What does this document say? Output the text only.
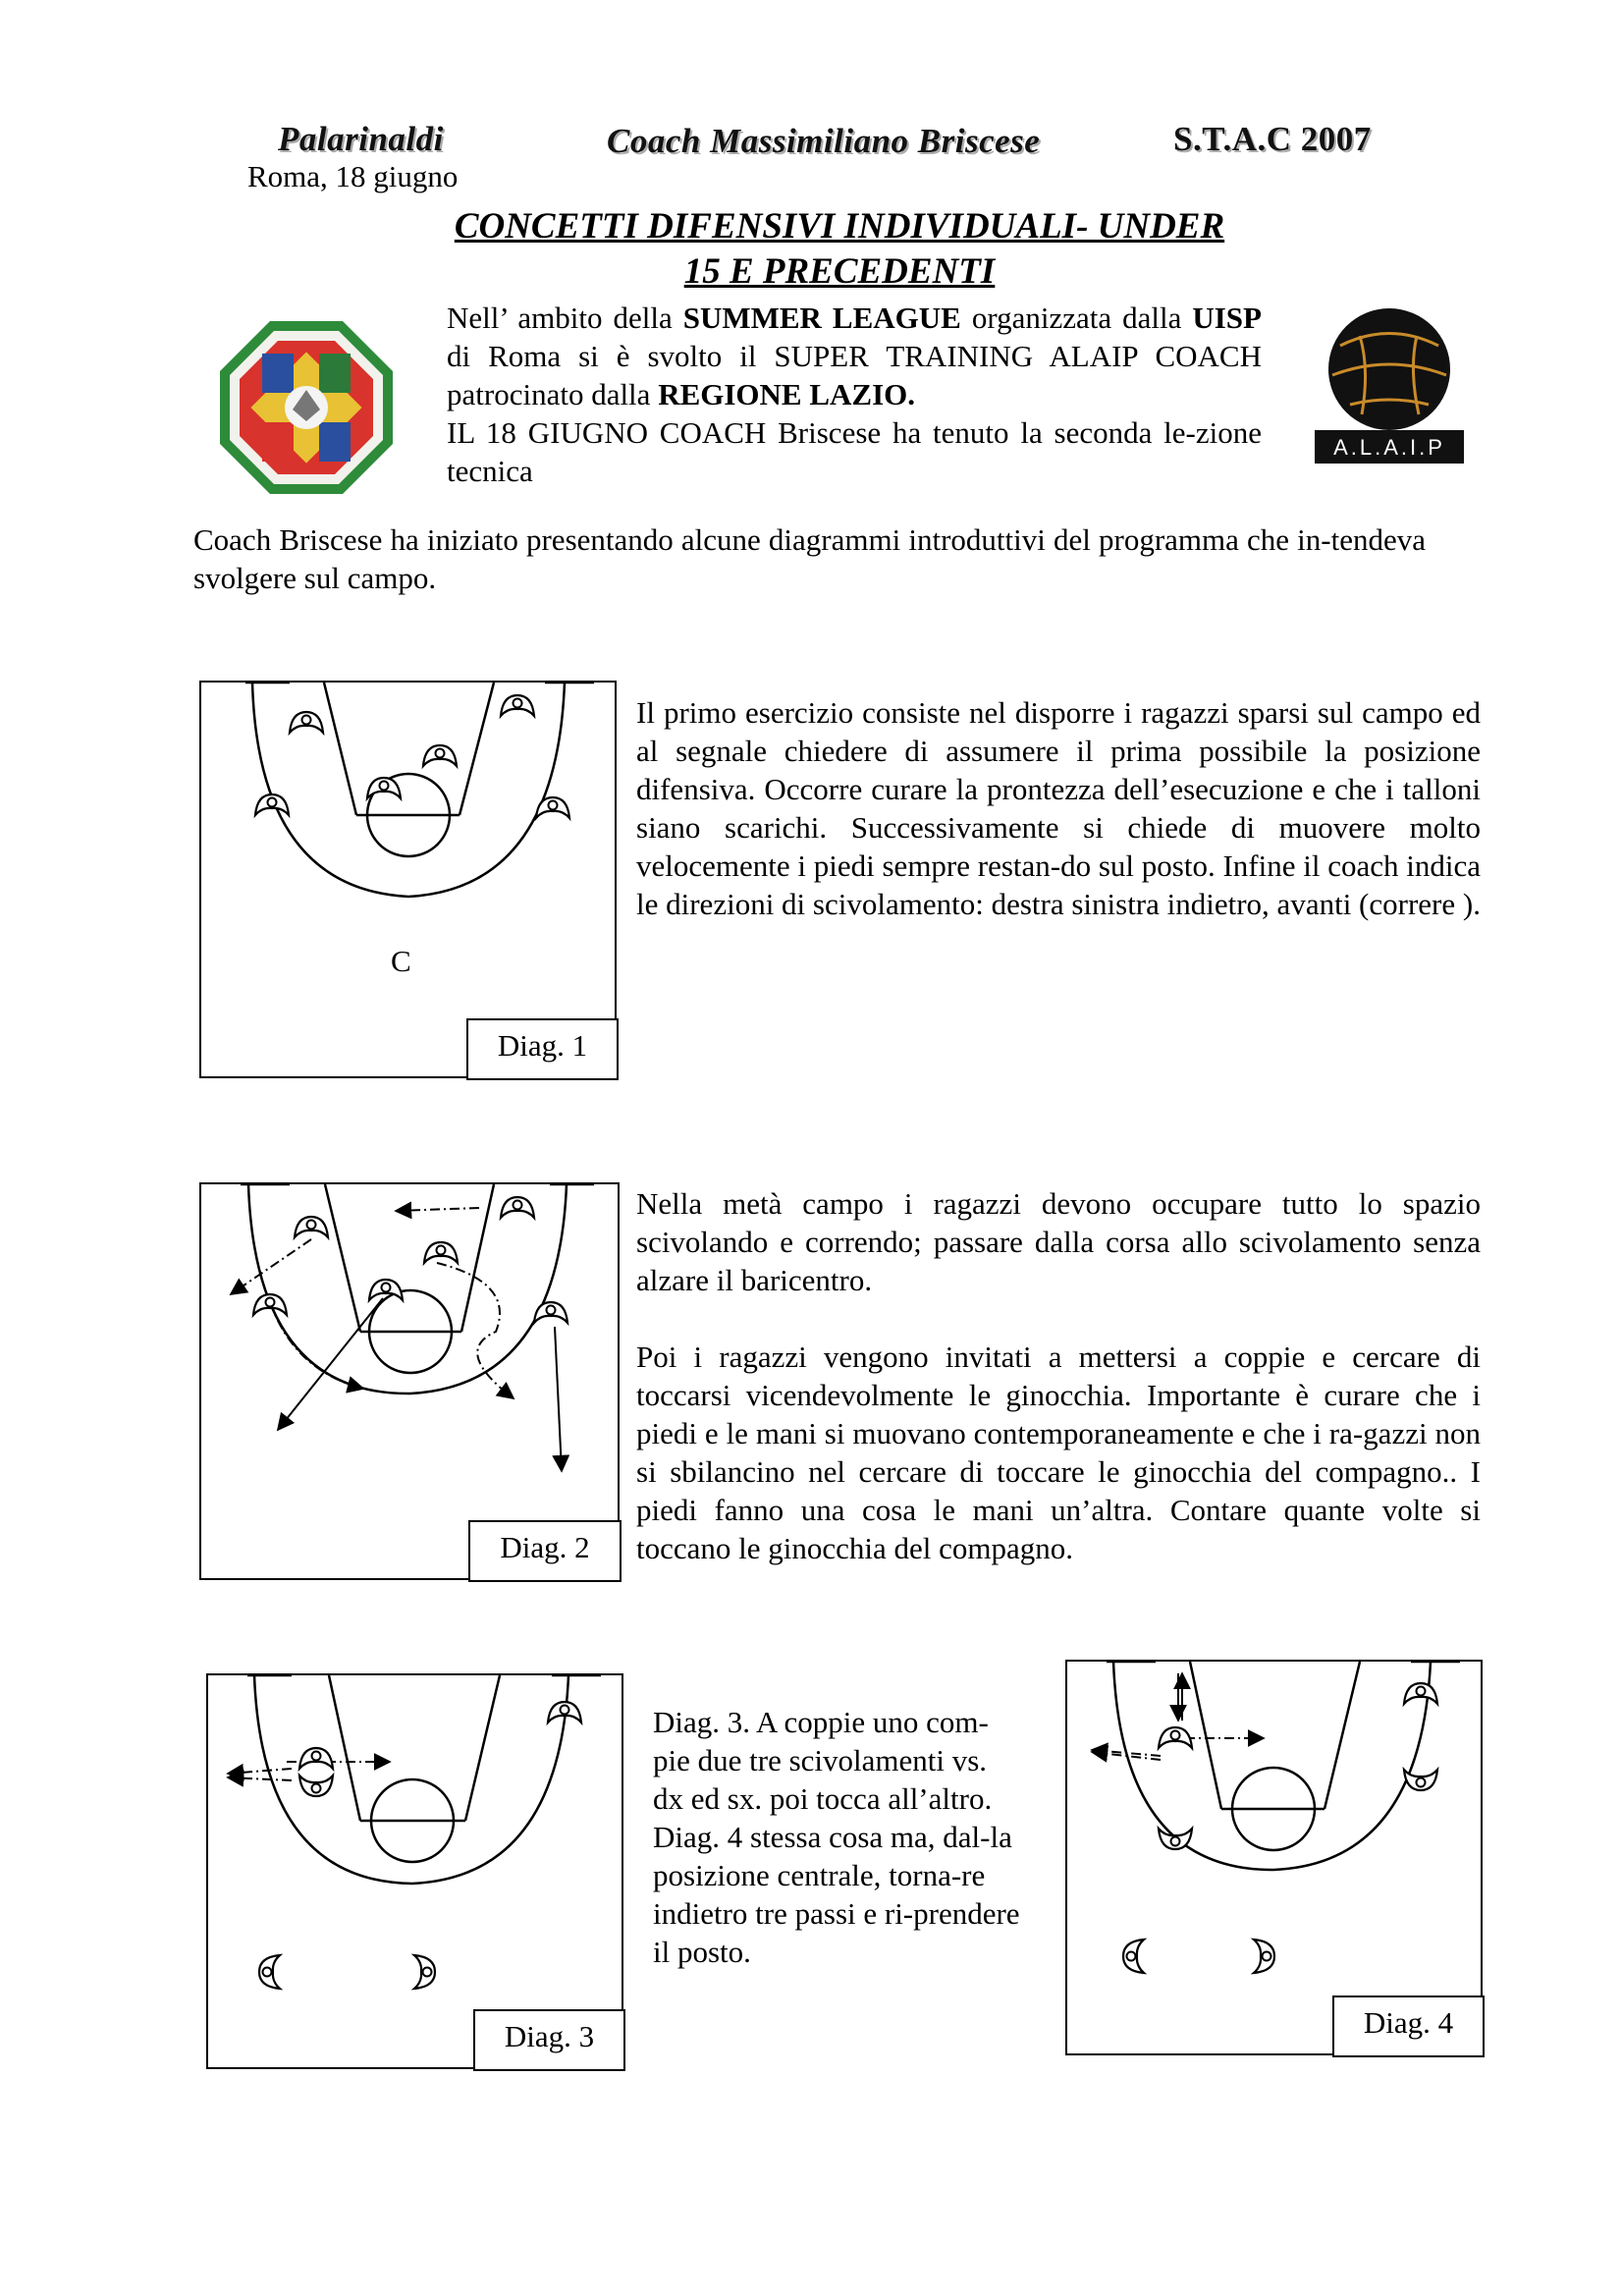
Palarinaldi
Roma, 18 giugno
Coach Massimiliano Briscese	S.T.A.C 2007
CONCETTI DIFENSIVI INDIVIDUALI- UNDER
15 E PRECEDENTI
Nell’ ambito della SUMMER LEAGUE organizzata dalla UISP di Roma si è svolto il SUPER TRAINING ALAIP COACH patrocinato dalla REGIONE LAZIO.
IL 18 GIUGNO COACH Briscese ha tenuto la seconda le-zione tecnica
A.L.A.I.P
Coach Briscese ha iniziato presentando alcune diagrammi introduttivi del programma che in-tendeva svolgere sul campo.
C
Diag. 1
Il primo esercizio consiste nel disporre i ragazzi sparsi sul campo ed al segnale chiedere di assumere il prima possibile la posizione difensiva. Occorre curare la prontezza dell’esecuzione e che i talloni siano scarichi. Successivamente si chiede di muovere molto velocemente i piedi sempre restan-do sul posto. Infine il coach indica le direzioni di scivolamento: destra sinistra indietro, avanti (correre ).
Diag. 2
Nella metà campo i ragazzi devono occupare tutto lo spazio scivolando e correndo; passare dalla corsa allo scivolamento senza alzare il baricentro.
Poi i ragazzi vengono invitati a mettersi a coppie e cercare di toccarsi vicendevolmente le ginocchia. Importante è curare che i piedi e le mani si muovano contemporaneamente e che i ra-gazzi non si sbilancino nel cercare di toccare le ginocchia del compagno.. I piedi fanno una cosa le mani un’altra. Contare quante volte si toccano le ginocchia del compagno.
Diag. 3
Diag. 3. A coppie uno com-pie due tre scivolamenti vs. dx ed sx. poi tocca all’altro. Diag. 4 stessa cosa ma, dal-la posizione centrale, torna-re indietro tre passi e ri-prendere il posto.
Diag. 4
